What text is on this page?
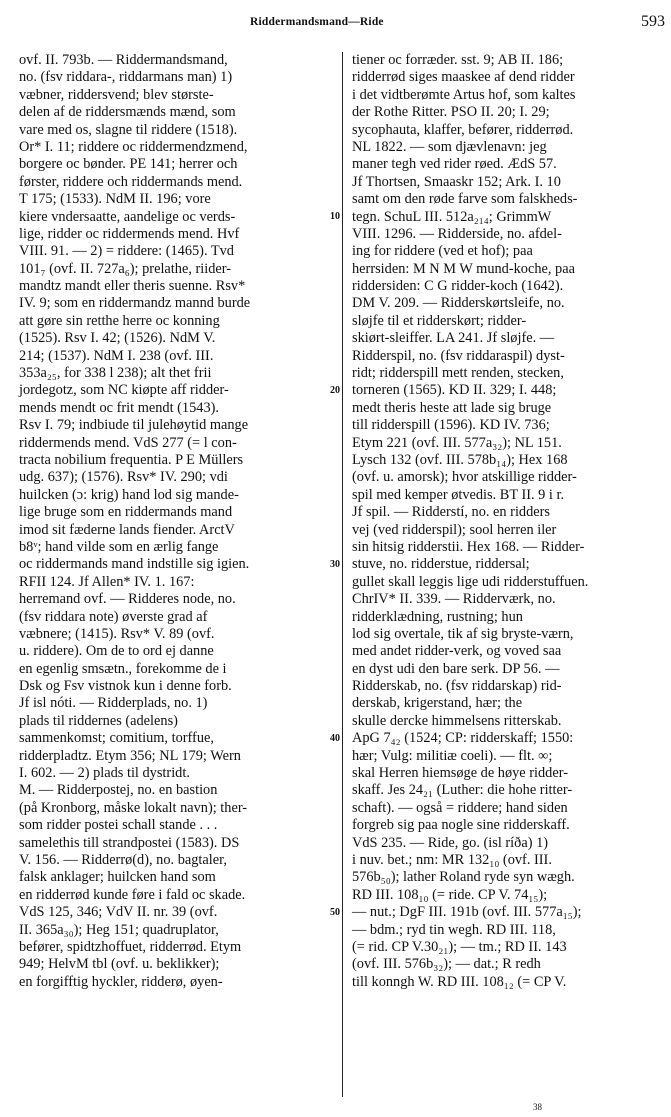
Riddermandsmand—Ride	593
ovf. II. 793b. — Riddermandsmand,
no. (fsv riddara-, riddarmans man) 1)
væbner, riddersvend; blev største-
delen af de riddersmænds mænd, som
vare med os, slagne til riddere (1518).
Or* I. 11; riddere oc riddermendzmend,
borgere oc bønder. PE 141; herrer och
førster, riddere och riddermands mend.
T 175; (1533). NdM II. 196; vore
kiere vndersaatte, aandelige oc verds-
lige, ridder oc riddermends mend. Hvf
VIII. 91. — 2) = riddere: (1465). Tvd
101₇ (ovf. II. 727a₆); prelathe, riider-
mandtz mandt eller theris suenne. Rsv*
IV. 9; som en riddermandz mannd burde
att gøre sin retthe herre oc konning
(1525). Rsv I. 42; (1526). NdM V.
214; (1537). NdM I. 238 (ovf. III.
353a₂₅, for 338 l 238); alt thet frii
jordegotz, som NC kiøpte aff ridder-
mends mendt oc frit mendt (1543).
Rsv I. 79; indbiude til julehøytid mange
riddermends mend. VdS 277 (= l con-
tracta nobilium frequentia. P E Müllers
udg. 637); (1576). Rsv* IV. 290; vdi
huilcken (ɔ: krig) hand lod sig mande-
lige bruge som en riddermands mand
imod sit fæderne lands fiender. ArctV
b8ᵛ; hand vilde som en ærlig fange
oc riddermands mand indstille sig igien.
RFII 124. Jf Allen* IV. 1. 167:
herremand ovf. — Ridderes node, no.
(fsv riddara note) øverste grad af
væbnere; (1415). Rsv* V. 89 (ovf.
u. riddere). Om de to ord ej danne
en egenlig smsætn., forekomme de i
Dsk og Fsv vistnok kun i denne forb.
Jf isl nóti. — Ridderplads, no. 1)
plads til riddernes (adelens)
sammenkomst; comitium, torffue,
ridderpladtz. Etym 356; NL 179; Wern
I. 602. — 2) plads til dystridt.
M. — Ridderpostej, no. en bastion
(på Kronborg, måske lokalt navn); ther-
som ridder postei schall stande . . .
samelethis till strandpostei (1583). DS
V. 156. — Ridderrø(d), no. bagtaler,
falsk anklager; huilcken hand som
en ridderrød kunde føre i fald oc skade.
VdS 125, 346; VdV II. nr. 39 (ovf.
II. 365a₃₀); Heg 151; quadruplator,
befører, spidtzhoffuet, ridderrød. Etym
949; HelvM tbl (ovf. u. beklikker);
en forgifftig hyckler, ridderø, øyen-
tiener oc forræder. sst. 9; AB II. 186;
ridderrød siges maaskee af dend ridder
i det vidtberømte Artus hof, som kaltes
der Rothe Ritter. PSO II. 20; I. 29;
sycophauta, klaffer, befører, ridderrød.
NL 1822. — som djævlenavn: jeg
maner tegh ved rider røed. ÆdS 57.
Jf Thortsen, Smaaskr 152; Ark. I. 10
samt om den røde farve som falskheds-
tegn. SchuL III. 512a₂₁₄; GrimmW
VIII. 1296. — Ridderside, no. afdel-
ing for riddere (ved et hof); paa
herrsiden: M N M W mund-koche, paa
riddersiden: C G ridder-koch (1642).
DM V. 209. — Ridderskørtsleife, no.
sløjfe til et ridderskørt; ridder-
skiørt-sleiffer. LA 241. Jf sløjfe. —
Ridderspil, no. (fsv riddaraspil) dyst-
ridt; ridderspill mett renden, stecken,
torneren (1565). KD II. 329; I. 448;
medt theris heste att lade sig bruge
till ridderspill (1596). KD IV. 736;
Etym 221 (ovf. III. 577a₃₂); NL 151.
Lysch 132 (ovf. III. 578b₁₄); Hex 168
(ovf. u. amorsk); hvor atskillige ridder-
spil med kemper øtvedis. BT II. 9 i r.
Jf spil. — Ridderstí, no. en ridders
vej (ved ridderspil); sool herren iler
sin hitsig ridderstii. Hex 168. — Ridder-
stuve, no. ridderstue, riddersal;
gullet skall leggis lige udi ridderstuffuen.
ChrIV* II. 339. — Ridderværk, no.
ridderklædning, rustning; hun
lod sig overtale, tik af sig bryste-værn,
med andet ridder-verk, og voved saa
en dyst udi den bare serk. DP 56. —
Ridderskab, no. (fsv riddarskap) rid-
derskab, krigerstand, hær; the
skulle dercke himmelsens ritterskab.
ApG 7₄₂ (1524; CP: ridderskaff; 1550:
hær; Vulg: militiæ coeli). — flt. ∞;
skal Herren hiemsøge de høye ridder-
skaff. Jes 24₂₁ (Luther: die hohe ritter-
schaft). — også = riddere; hand siden
forgreb sig paa nogle sine ridderskaff.
VdS 235. — Ride, go. (isl ríða) 1)
i nuv. bet.; nm: MR 132₁₀ (ovf. III.
576b₅₀); lather Roland ryde syn wægh.
RD III. 108₁₀ (= ride. CP V. 74₁₅);
— nut.; DgF III. 191b (ovf. III. 577a₁₅);
— bdm.; ryd tin wegh. RD III. 118,
(= rid. CP V.30₂₁); — tm.; RD II. 143
(ovf. III. 576b₃₂); — dat.; R redh
till konngh W. RD III. 108₁₂ (= CP V.
10
20
30
40
50
38
